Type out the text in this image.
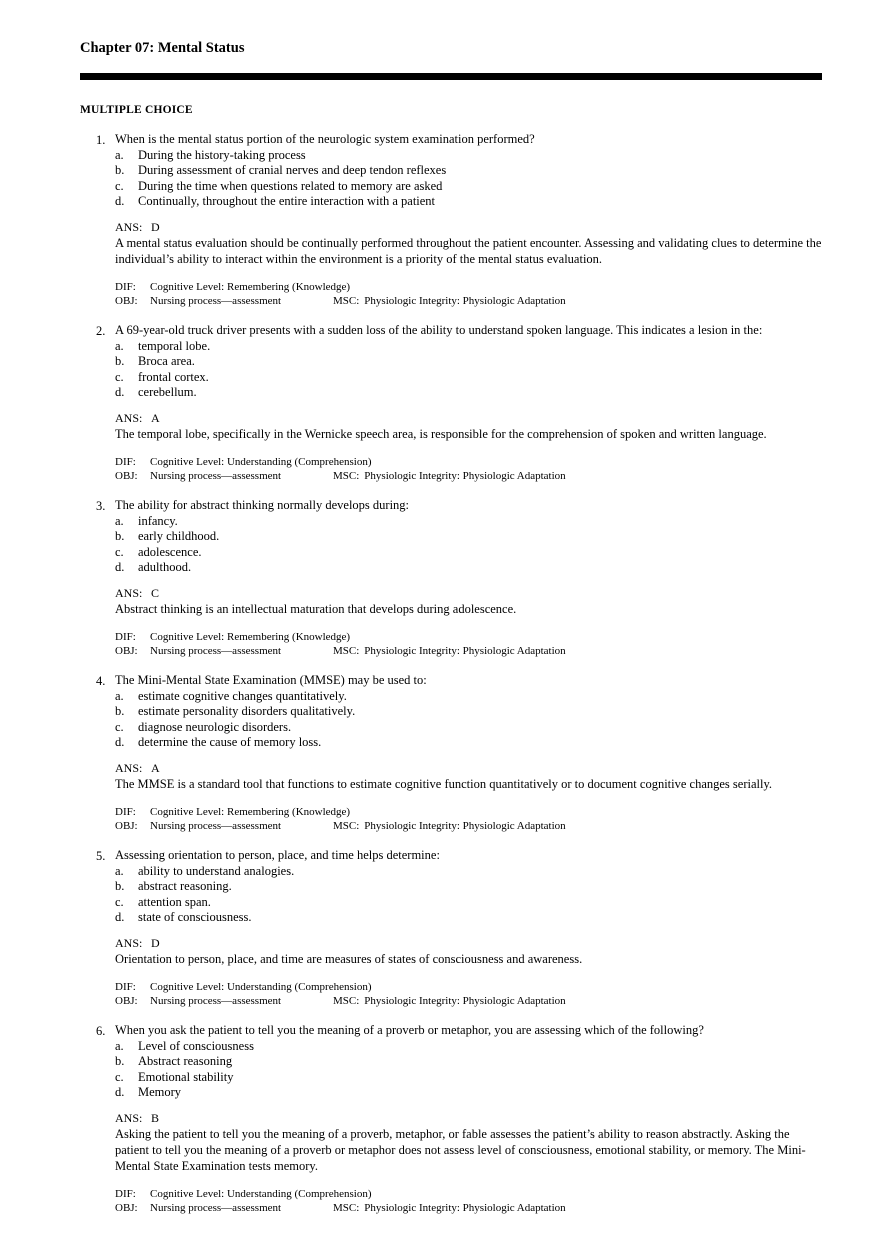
Chapter 07: Mental Status
MULTIPLE CHOICE
1. When is the mental status portion of the neurologic system examination performed?
a.	During the history-taking process
b.	During assessment of cranial nerves and deep tendon reflexes
c.	During the time when questions related to memory are asked
d.	Continually, throughout the entire interaction with a patient
ANS: D
A mental status evaluation should be continually performed throughout the patient encounter. Assessing and validating clues to determine the individual’s ability to interact within the environment is a priority of the mental status evaluation.
DIF:	Cognitive Level: Remembering (Knowledge)
OBJ:	Nursing process—assessment	MSC: Physiologic Integrity: Physiologic Adaptation
2. A 69-year-old truck driver presents with a sudden loss of the ability to understand spoken language. This indicates a lesion in the:
a.	temporal lobe.
b.	Broca area.
c.	frontal cortex.
d.	cerebellum.
ANS: A
The temporal lobe, specifically in the Wernicke speech area, is responsible for the comprehension of spoken and written language.
DIF:	Cognitive Level: Understanding (Comprehension)
OBJ:	Nursing process—assessment	MSC: Physiologic Integrity: Physiologic Adaptation
3. The ability for abstract thinking normally develops during:
a.	infancy.
b.	early childhood.
c.	adolescence.
d.	adulthood.
ANS: C
Abstract thinking is an intellectual maturation that develops during adolescence.
DIF:	Cognitive Level: Remembering (Knowledge)
OBJ:	Nursing process—assessment	MSC: Physiologic Integrity: Physiologic Adaptation
4. The Mini-Mental State Examination (MMSE) may be used to:
a.	estimate cognitive changes quantitatively.
b.	estimate personality disorders qualitatively.
c.	diagnose neurologic disorders.
d.	determine the cause of memory loss.
ANS: A
The MMSE is a standard tool that functions to estimate cognitive function quantitatively or to document cognitive changes serially.
DIF:	Cognitive Level: Remembering (Knowledge)
OBJ:	Nursing process—assessment	MSC: Physiologic Integrity: Physiologic Adaptation
5. Assessing orientation to person, place, and time helps determine:
a.	ability to understand analogies.
b.	abstract reasoning.
c.	attention span.
d.	state of consciousness.
ANS: D
Orientation to person, place, and time are measures of states of consciousness and awareness.
DIF:	Cognitive Level: Understanding (Comprehension)
OBJ:	Nursing process—assessment	MSC: Physiologic Integrity: Physiologic Adaptation
6. When you ask the patient to tell you the meaning of a proverb or metaphor, you are assessing which of the following?
a.	Level of consciousness
b.	Abstract reasoning
c.	Emotional stability
d.	Memory
ANS: B
Asking the patient to tell you the meaning of a proverb, metaphor, or fable assesses the patient’s ability to reason abstractly. Asking the patient to tell you the meaning of a proverb or metaphor does not assess level of consciousness, emotional stability, or memory. The Mini-Mental State Examination tests memory.
DIF:	Cognitive Level: Understanding (Comprehension)
OBJ:	Nursing process—assessment	MSC: Physiologic Integrity: Physiologic Adaptation
